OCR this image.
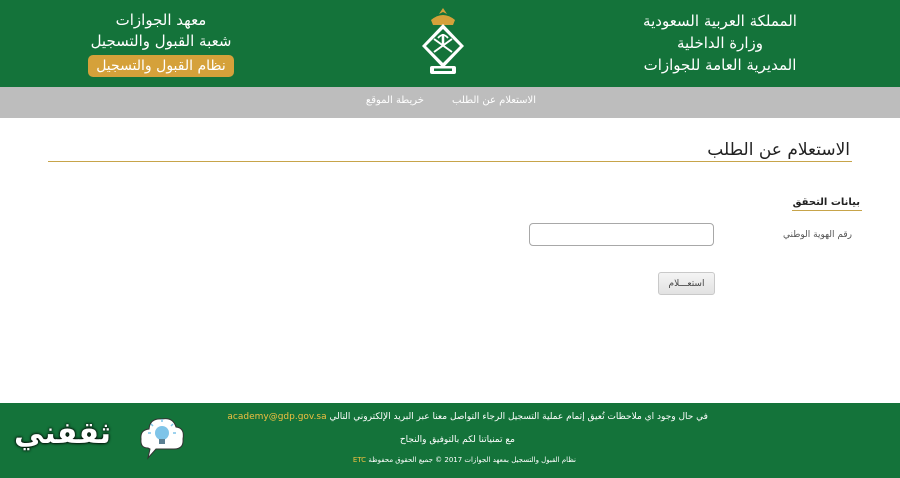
المملكة العربية السعودية
وزارة الداخلية
المديرية العامة للجوازات
معهد الجوازات
شعبة القبول والتسجيل
نظام القبول والتسجيل
الاستعلام عن الطلب
خريطة الموقع
الاستعلام عن الطلب
بيانات التحقق
رقم الهوية الوطني
استعـــلام
في حال وجود اي ملاحظات تُعيق إتمام عملية التسجيل الرجاء التواصل معنا عبر البريد الإلكتروني التالي academy@gdp.gov.sa
مع تمنياتنا لكم بالتوفيق والنجاح
نظام القبول والتسجيل بمعهد الجوازات 2017 © جميع الحقوق محفوظة ETC
ثقفني
